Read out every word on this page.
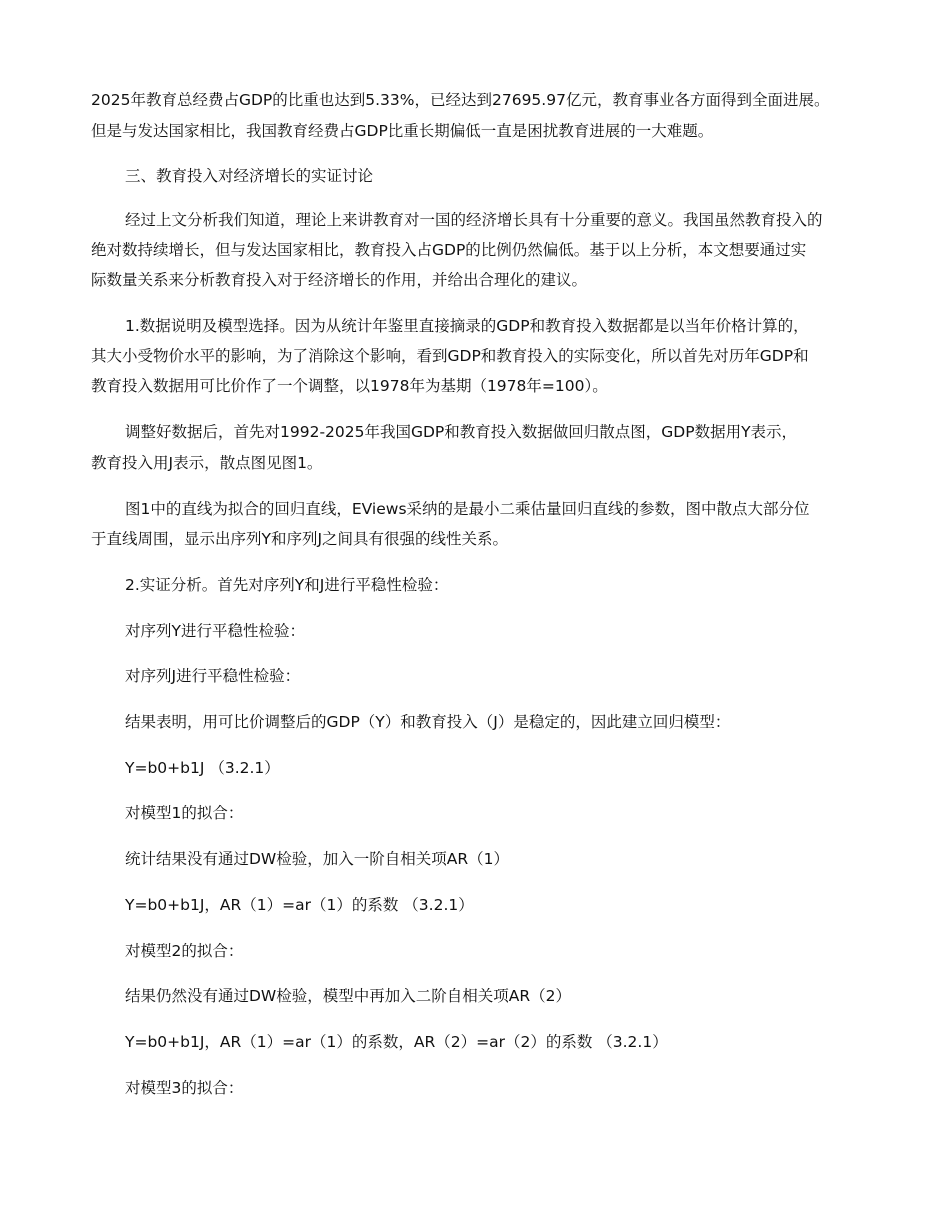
2025年教育总经费占GDP的比重也达到5.33%，已经达到27695.97亿元，教育事业各方面得到全面进展。

但是与发达国家相比，我国教育经费占GDP比重长期偏低一直是困扰教育进展的一大难题。

三、教育投入对经济增长的实证讨论

经过上文分析我们知道，理论上来讲教育对一国的经济增长具有十分重要的意义。我国虽然教育投入的

绝对数持续增长，但与发达国家相比，教育投入占GDP的比例仍然偏低。基于以上分析，本文想要通过实

际数量关系来分析教育投入对于经济增长的作用，并给出合理化的建议。

1.数据说明及模型选择。因为从统计年鉴里直接摘录的GDP和教育投入数据都是以当年价格计算的，

其大小受物价水平的影响，为了消除这个影响，看到GDP和教育投入的实际变化，所以首先对历年GDP和

教育投入数据用可比价作了一个调整，以1978年为基期（1978年=100）。

调整好数据后，首先对1992-2025年我国GDP和教育投入数据做回归散点图，GDP数据用Y表示，

教育投入用J表示，散点图见图1。

图1中的直线为拟合的回归直线，EViews采纳的是最小二乘估量回归直线的参数，图中散点大部分位

于直线周围，显示出序列Y和序列J之间具有很强的线性关系。

2.实证分析。首先对序列Y和J进行平稳性检验：

对序列Y进行平稳性检验：

对序列J进行平稳性检验：

结果表明，用可比价调整后的GDP（Y）和教育投入（J）是稳定的，因此建立回归模型：

Y=b0+b1J （3.2.1）

对模型1的拟合：

统计结果没有通过DW检验，加入一阶自相关项AR（1）

Y=b0+b1J，AR（1）=ar（1）的系数 （3.2.1）

对模型2的拟合：

结果仍然没有通过DW检验，模型中再加入二阶自相关项AR（2）

Y=b0+b1J，AR（1）=ar（1）的系数，AR（2）=ar（2）的系数 （3.2.1）

对模型3的拟合：
